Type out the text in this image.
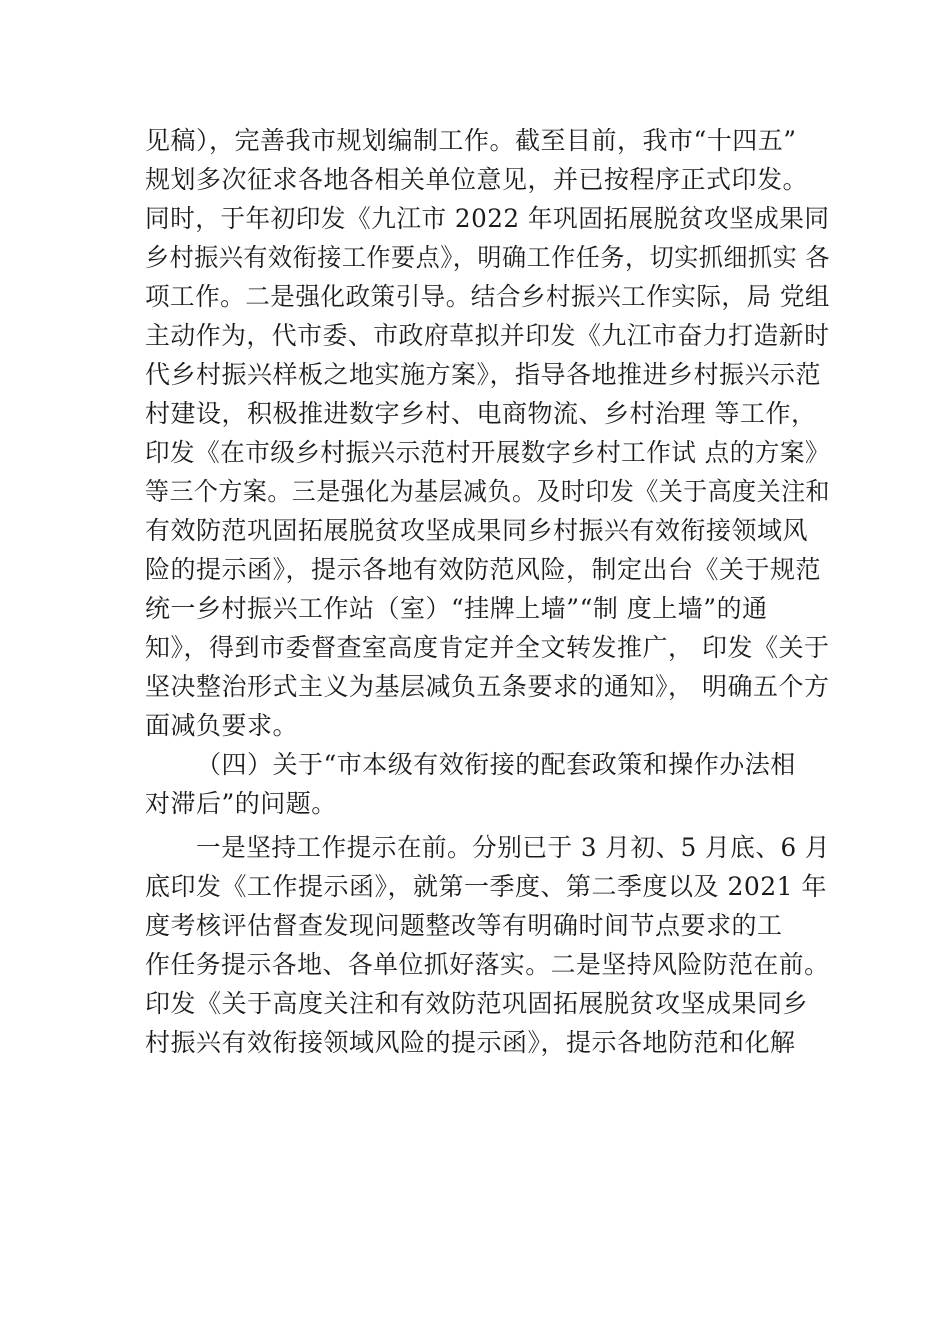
见稿），完善我市规划编制工作。截至目前，我市“十四五”
规划多次征求各地各相关单位意见，并已按程序正式印发。
同时，于年初印发《九江市 2022 年巩固拓展脱贫攻坚成果同
乡村振兴有效衔接工作要点》，明确工作任务，切实抓细抓实 各
项工作。二是强化政策引导。结合乡村振兴工作实际，局 党组
主动作为，代市委、市政府草拟并印发《九江市奋力打造新时
代乡村振兴样板之地实施方案》，指导各地推进乡村振兴示范
村建设，积极推进数字乡村、电商物流、乡村治理 等工作，
印发《在市级乡村振兴示范村开展数字乡村工作试 点的方案》
等三个方案。三是强化为基层减负。及时印发《关于高度关注和
有效防范巩固拓展脱贫攻坚成果同乡村振兴有效衔接领域风
险的提示函》，提示各地有效防范风险，制定出台《关于规范
统一乡村振兴工作站（室）“挂牌上墙”“制 度上墙”的通
知》，得到市委督查室高度肯定并全文转发推广， 印发《关于
坚决整治形式主义为基层减负五条要求的通知》， 明确五个方
面减负要求。
（四）关于“市本级有效衔接的配套政策和操作办法相
对滞后”的问题。
一是坚持工作提示在前。分别已于 3 月初、5 月底、6 月
底印发《工作提示函》，就第一季度、第二季度以及 2021 年
度考核评估督查发现问题整改等有明确时间节点要求的工
作任务提示各地、各单位抓好落实。二是坚持风险防范在前。
印发《关于高度关注和有效防范巩固拓展脱贫攻坚成果同乡
村振兴有效衔接领域风险的提示函》，提示各地防范和化解
